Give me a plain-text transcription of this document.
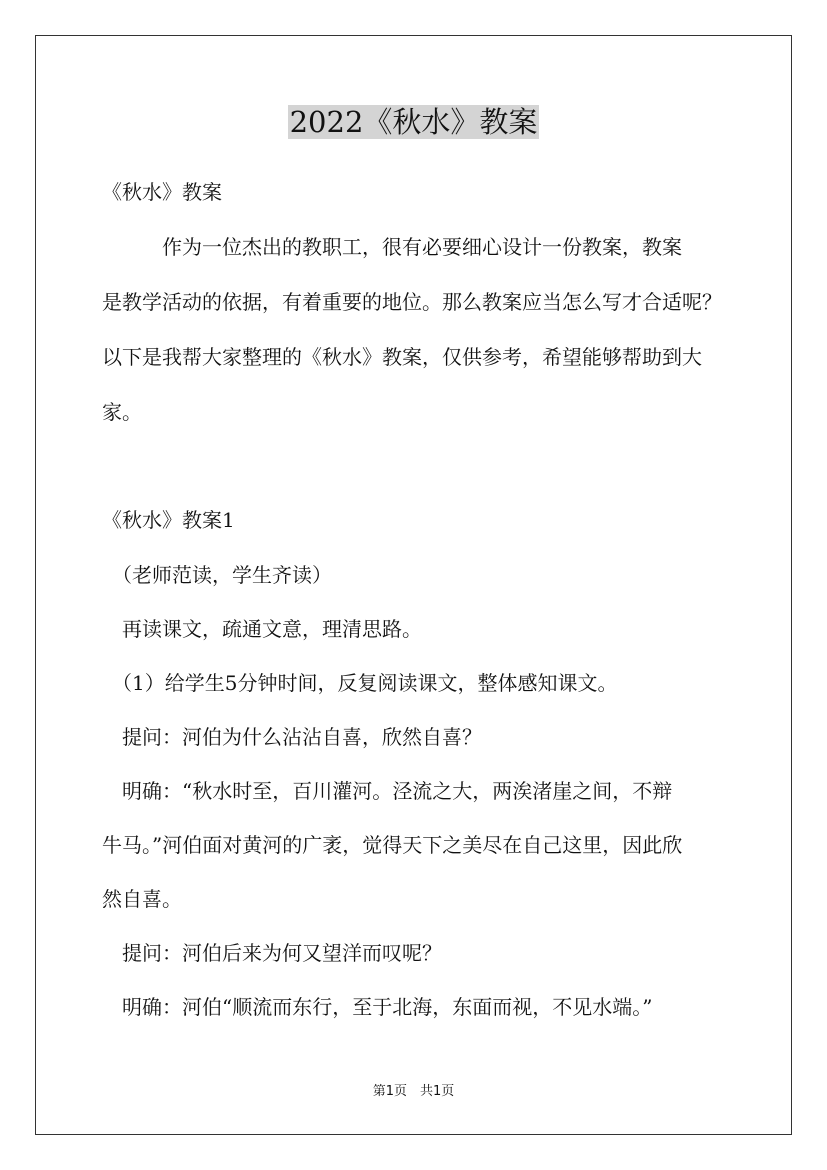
2022《秋水》教案
《秋水》教案
　　　作为一位杰出的教职工，很有必要细心设计一份教案，教案
是教学活动的依据，有着重要的地位。那么教案应当怎么写才合适呢？
以下是我帮大家整理的《秋水》教案，仅供参考，希望能够帮助到大
家。
《秋水》教案1
　（老师范读，学生齐读）
　再读课文，疏通文意，理清思路。
　（1）给学生5分钟时间，反复阅读课文，整体感知课文。
　提问：河伯为什么沾沾自喜，欣然自喜？
　明确：“秋水时至，百川灌河。泾流之大，两涘渚崖之间，不辩
牛马。”河伯面对黄河的广袤，觉得天下之美尽在自己这里，因此欣
然自喜。
　提问：河伯后来为何又望洋而叹呢？
　明确：河伯“顺流而东行，至于北海，东面而视，不见水端。”
第1页　共1页
